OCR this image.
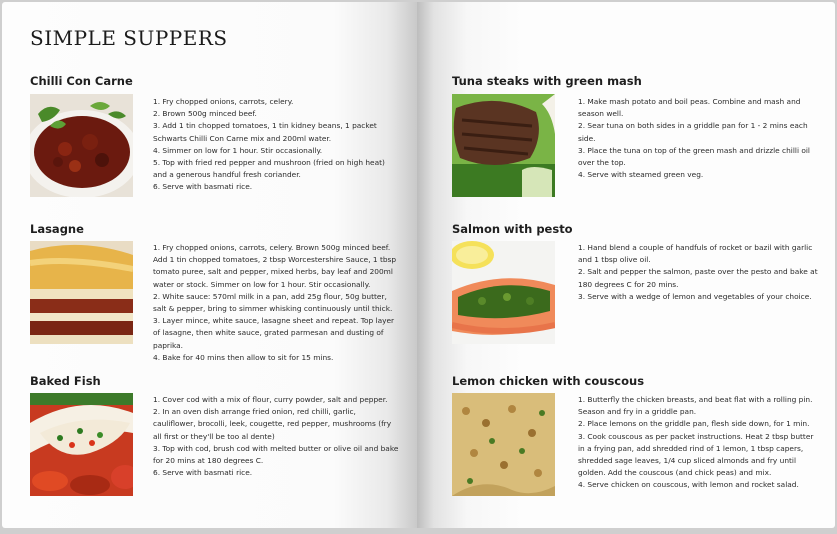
SIMPLE SUPPERS
Chilli Con Carne
1. Fry chopped onions, carrots, celery.
2. Brown 500g minced beef.
3. Add 1 tin chopped tomatoes, 1 tin kidney beans, 1 packet Schwarts Chilli Con Carne mix and 200ml water.
4. Simmer on low for 1 hour. Stir occasionally.
5. Top with fried red pepper and mushroon (fried on high heat) and a generous handful fresh coriander.
6. Serve with basmati rice.
Lasagne
1. Fry chopped onions, carrots, celery. Brown 500g minced beef. Add 1 tin chopped tomatoes, 2 tbsp Worcestershire Sauce, 1 tbsp tomato puree, salt and pepper, mixed herbs, bay leaf and 200ml water or stock. Simmer on low for 1 hour. Stir occasionally.
2. White sauce: 570ml milk in a pan, add 25g flour, 50g butter, salt & pepper, bring to simmer whisking continuously until thick.
3. Layer mince, white sauce, lasagne sheet and repeat. Top layer of lasagne, then white sauce, grated parmesan and dusting of paprika.
4. Bake for 40 mins then allow to sit for 15 mins.
Baked Fish
1. Cover cod with a mix of flour, curry powder, salt and pepper.
2. In an oven dish arrange fried onion, red chilli, garlic, cauliflower, brocolli, leek, cougette, red pepper, mushrooms (fry all first or they'll be too al dente)
3. Top with cod, brush cod with melted butter or olive oil and bake for 20 mins at 180 degrees C.
6. Serve with basmati rice.
Tuna steaks with green mash
1. Make mash potato and boil peas. Combine and mash and season well.
2. Sear tuna on both sides in a griddle pan for 1 - 2 mins each side.
3. Place the tuna on top of the green mash and drizzle chilli oil over the top.
4. Serve with steamed green veg.
Salmon with pesto
1. Hand blend a couple of handfuls of rocket or bazil with garlic and 1 tbsp olive oil.
2. Salt and pepper the salmon, paste over the pesto and bake at 180 degrees C for 20 mins.
3. Serve with a wedge of lemon and vegetables of your choice.
Lemon chicken with couscous
1. Butterfly the chicken breasts, and beat flat with a rolling pin. Season and fry in a griddle pan.
2. Place lemons on the griddle pan, flesh side down, for 1 min.
3. Cook couscous as per packet instructions. Heat 2 tbsp butter in a frying pan, add shredded rind of 1 lemon, 1 tbsp capers, shredded sage leaves, 1/4 cup sliced almonds and fry until golden. Add the couscous (and chick peas) and mix.
4. Serve chicken on couscous, with lemon and rocket salad.
